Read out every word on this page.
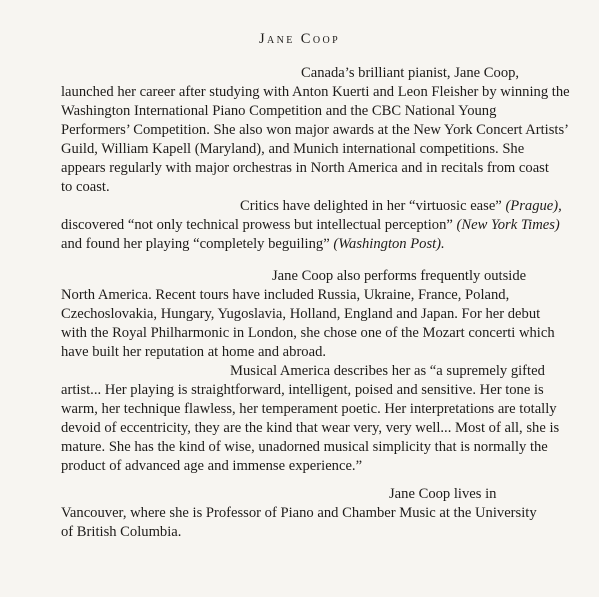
Jane Coop
Canada’s brilliant pianist, Jane Coop,
launched her career after studying with Anton Kuerti and Leon Fleisher by winning the
Washington International Piano Competition and the CBC National Young
Performers’ Competition. She also won major awards at the New York Concert Artists’
Guild, William Kapell (Maryland), and Munich international competitions. She
appears regularly with major orchestras in North America and in recitals from coast
to coast.
Critics have delighted in her “virtuosic ease” (Prague),
discovered “not only technical prowess but intellectual perception” (New York Times)
and found her playing “completely beguiling” (Washington Post).
Jane Coop also performs frequently outside
North America. Recent tours have included Russia, Ukraine, France, Poland,
Czechoslovakia, Hungary, Yugoslavia, Holland, England and Japan. For her debut
with the Royal Philharmonic in London, she chose one of the Mozart concerti which
have built her reputation at home and abroad.
Musical America describes her as “a supremely gifted
artist... Her playing is straightforward, intelligent, poised and sensitive. Her tone is
warm, her technique flawless, her temperament poetic. Her interpretations are totally
devoid of eccentricity, they are the kind that wear very, very well... Most of all, she is
mature. She has the kind of wise, unadorned musical simplicity that is normally the
product of advanced age and immense experience.”
Jane Coop lives in
Vancouver, where she is Professor of Piano and Chamber Music at the University
of British Columbia.
